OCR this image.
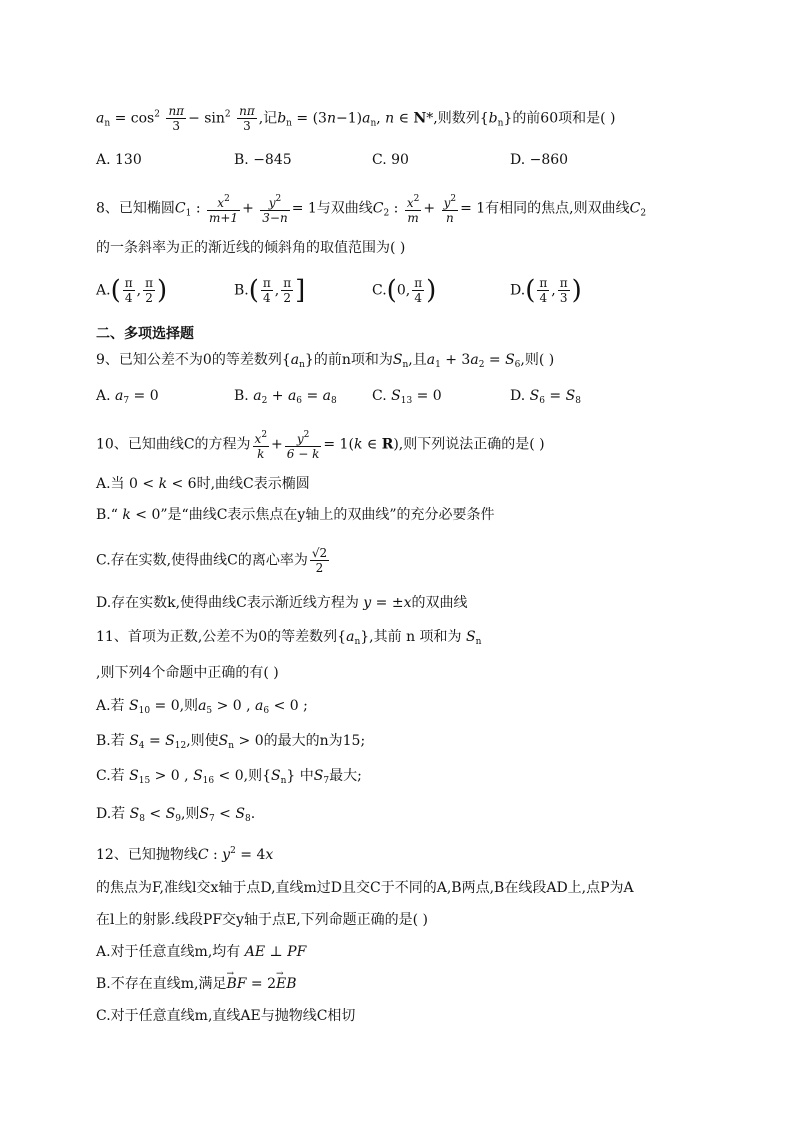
$a_n = \cos^2 \frac{n\pi}{3} - \sin^2 \frac{n\pi}{3}$ ,记$b_n = (3n-1)a_n$, n ∈ N*,则数列$\{b_n\}$的前60项和是( )
A. 130	B. −845	C. 90	D. −860
8、已知椭圆$C_1$ : $\frac{x^2}{m+1} + \frac{y^2}{3-n} = 1$与双曲线$C_2$ : $\frac{x^2}{m} + \frac{y^2}{n} = 1$有相同的焦点,则双曲线$C_2$
的一条斜率为正的渐近线的倾斜角的取值范围为( )
$A.( \frac{\pi}{4}$ , $\frac{\pi}{2}$ )	$B.( \frac{\pi}{4}$ , $\frac{\pi}{2}$ ]	C.(0, $\frac{\pi}{4}$ )	$D.( \frac{\pi}{4}$ , $\frac{\pi}{3}$ )
二、多项选择题
9、已知公差不为0的等差数列$\{a_n\}$的前n项和为$S_n$,且$a_1 + 3a_2 = S_6$,则( )
A. $a_7 = 0$	B. $a_2 + a_6 = a_8$	C. $S_{13} = 0$	D. $S_6 = S_8$
10、已知曲线C的方程为 $\frac{x^2}{k} + \frac{y^2}{6 - k} = 1(k$ ∈ R),则下列说法正确的是( )
A.当 0 < k < 6时,曲线C表示椭圆
B.“ k < 0”是“曲线C表示焦点在y轴上的双曲线”的充分必要条件
C.存在实数,使得曲线C的离心率为 $\frac{√2}{2}$
D.存在实数k,使得曲线C表示渐近线方程为 y = ±x的双曲线
11、首项为正数,公差不为0的等差数列$\{a_n\}$,其前 n 项和为 $S_n$
,则下列4个命题中正确的有( )
A.若 $S_{10} = 0$,则$a_5 > 0$ , $a_6 < 0$ ;
B.若 $S_4 = S_{12}$,则使$S_n > 0$的最大的n为15;
C.若 $S_{15} > 0$ , $S_{16} < 0$,则$\{S_n\}$ 中$S_7$最大;
D.若 $S_8 < S_9$,则$S_7 < S_8$.
12、已知抛物线C : $y^2 = 4x$
的焦点为F,准线l交x轴于点D,直线m过D且交C于不同的A,B两点,B在线段AD上,点P为A
在l上的射影.线段PF交y轴于点E,下列命题正确的是( )
A.对于任意直线m,均有 AE ⊥ PF
B.不存在直线m,满足→ BF = 2→ EB
C.对于任意直线m,直线AE与抛物线C相切
